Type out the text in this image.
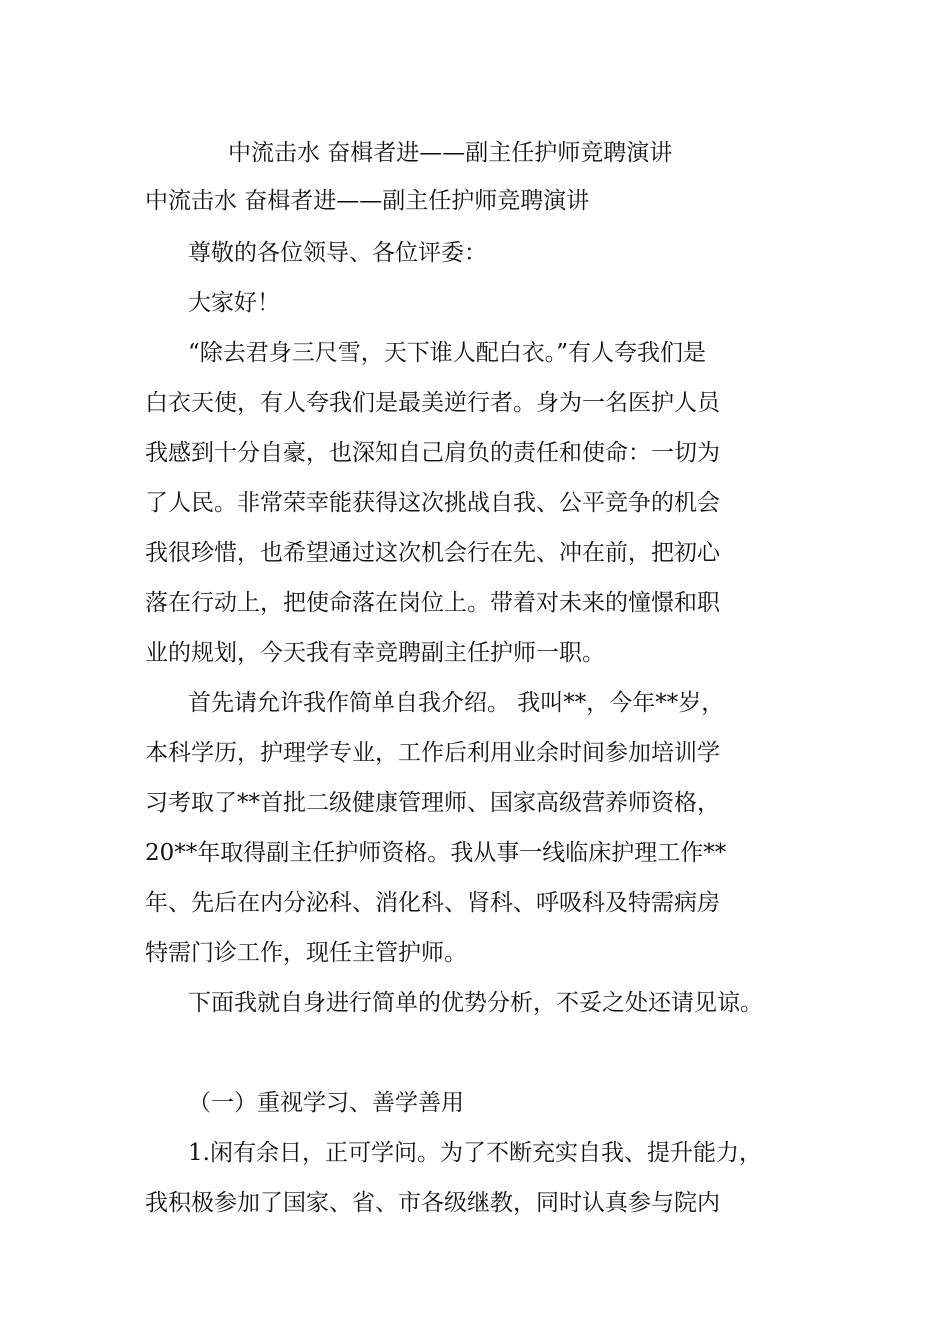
中流击水 奋楫者进——副主任护师竞聘演讲
中流击水 奋楫者进——副主任护师竞聘演讲
尊敬的各位领导、各位评委：
大家好！
“除去君身三尺雪，天下谁人配白衣。”有人夸我们是
白衣天使，有人夸我们是最美逆行者。身为一名医护人员
我感到十分自豪，也深知自己肩负的责任和使命：一切为
了人民。非常荣幸能获得这次挑战自我、公平竞争的机会
我很珍惜，也希望通过这次机会行在先、冲在前，把初心
落在行动上，把使命落在岗位上。带着对未来的憧憬和职
业的规划，今天我有幸竞聘副主任护师一职。
首先请允许我作简单自我介绍。 我叫**，今年**岁，
本科学历，护理学专业，工作后利用业余时间参加培训学
习考取了**首批二级健康管理师、国家高级营养师资格，
20**年取得副主任护师资格。我从事一线临床护理工作**
年、先后在内分泌科、消化科、肾科、呼吸科及特需病房
特需门诊工作，现任主管护师。
下面我就自身进行简单的优势分析，不妥之处还请见谅。
（一）重视学习、善学善用
1.闲有余日，正可学问。为了不断充实自我、提升能力，
我积极参加了国家、省、市各级继教，同时认真参与院内
